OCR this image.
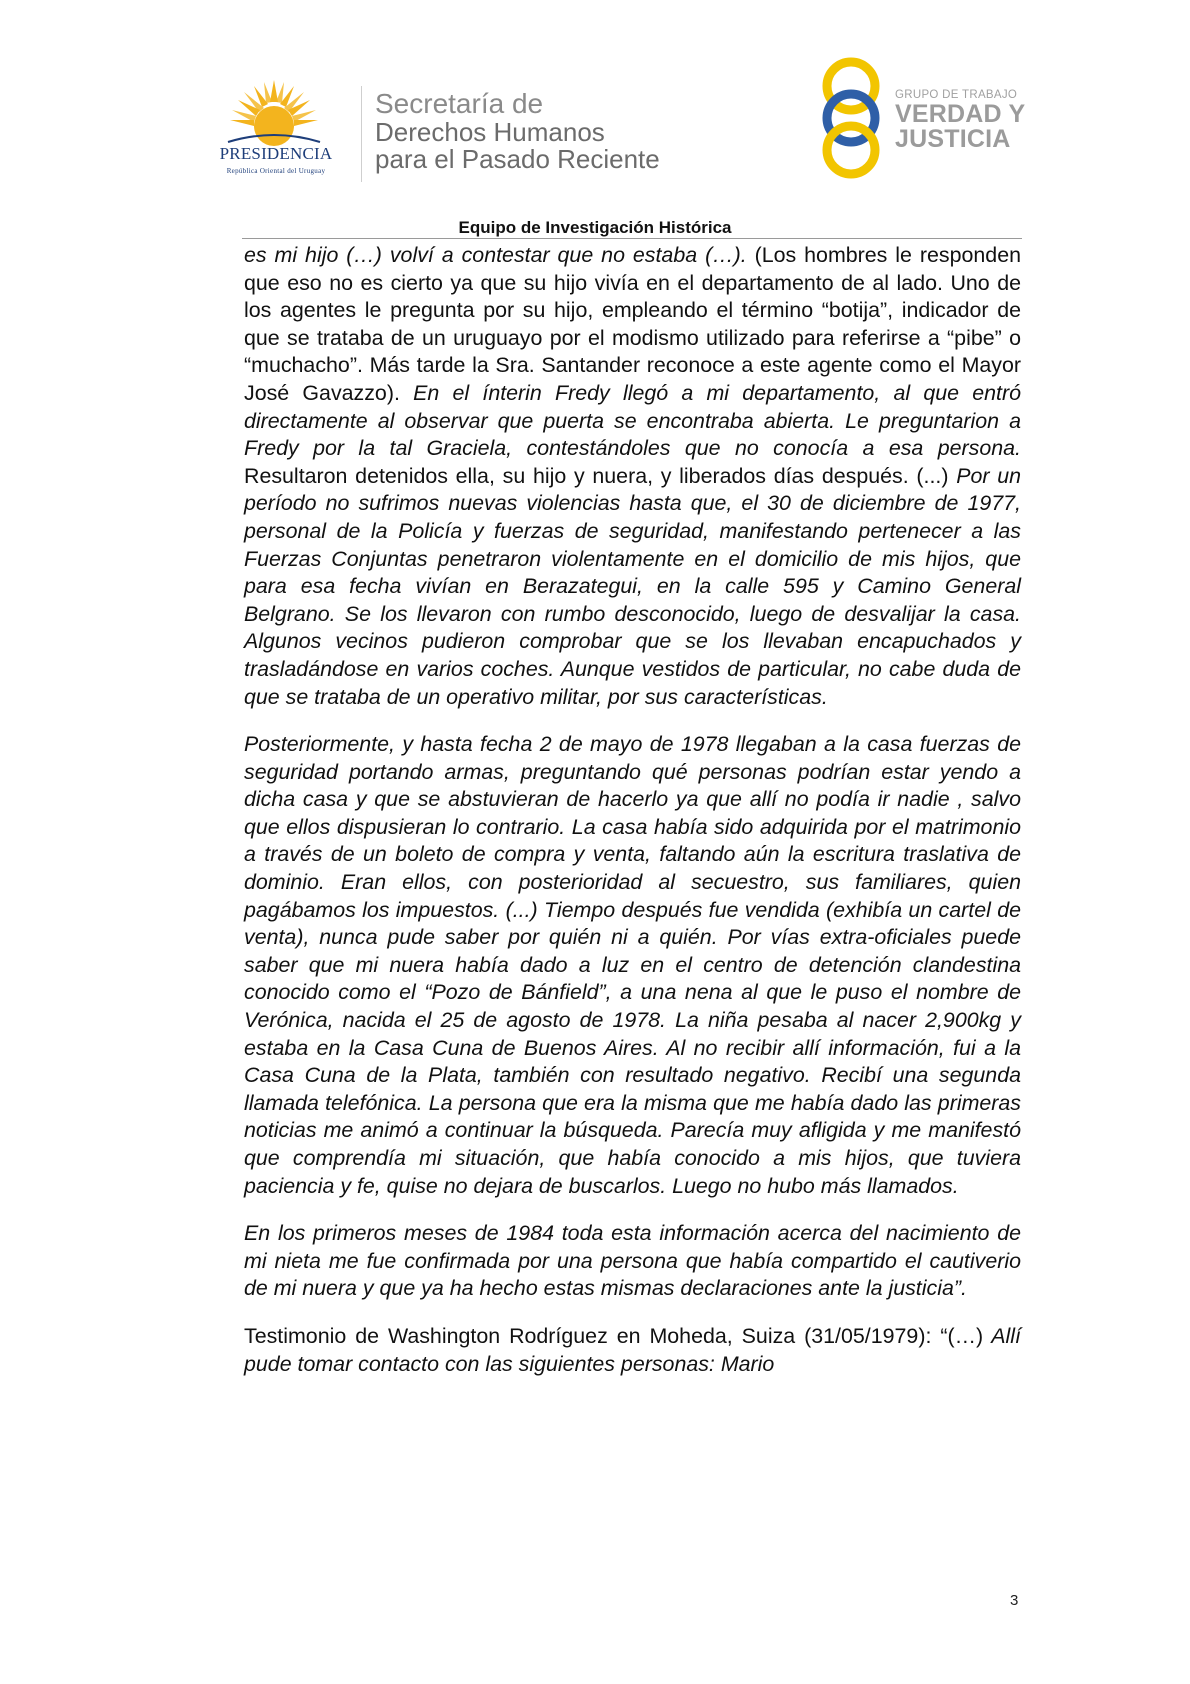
PRESIDENCIA
República Oriental del Uruguay
Secretaría de
Derechos Humanos
para el Pasado Reciente
GRUPO DE TRABAJO
VERDAD Y
JUSTICIA
Equipo de Investigación Histórica

es mi hijo (…) volví a contestar que no estaba (…). (Los hombres le responden que eso no es cierto ya que su hijo vivía en el departamento de al lado. Uno de los agentes le pregunta por su hijo, empleando el término “botija”, indicador de que se trataba de un uruguayo por el modismo utilizado para referirse a “pibe” o “muchacho”. Más tarde la Sra. Santander reconoce a este agente como el Mayor José Gavazzo). En el ínterin Fredy llegó a mi departamento, al que entró directamente al observar que puerta se encontraba abierta. Le preguntarion a Fredy por la tal Graciela, contestándoles que no conocía a esa persona. Resultaron detenidos ella, su hijo y nuera, y liberados días después. (...) Por un período no sufrimos nuevas violencias hasta que, el 30 de diciembre de 1977, personal de la Policía y fuerzas de seguridad, manifestando pertenecer a las Fuerzas Conjuntas penetraron violentamente en el domicilio de mis hijos, que para esa fecha vivían en Berazategui, en la calle 595 y Camino General Belgrano. Se los llevaron con rumbo desconocido, luego de desvalijar la casa. Algunos vecinos pudieron comprobar que se los llevaban encapuchados y trasladándose en varios coches. Aunque vestidos de particular, no cabe duda de que se trataba de un operativo militar, por sus características.

Posteriormente, y hasta fecha 2 de mayo de 1978 llegaban a la casa fuerzas de seguridad portando armas, preguntando qué personas podrían estar yendo a dicha casa y que se abstuvieran de hacerlo ya que allí no podía ir nadie , salvo que ellos dispusieran lo contrario. La casa había sido adquirida por el matrimonio a través de un boleto de compra y venta, faltando aún la escritura traslativa de dominio. Eran ellos, con posterioridad al secuestro, sus familiares, quien pagábamos los impuestos. (...) Tiempo después fue vendida (exhibía un cartel de venta), nunca pude saber por quién ni a quién. Por vías extra-oficiales puede saber que mi nuera había dado a luz en el centro de detención clandestina conocido como el “Pozo de Bánfield”, a una nena al que le puso el nombre de Verónica, nacida el 25 de agosto de 1978. La niña pesaba al nacer 2,900kg y estaba en la Casa Cuna de Buenos Aires. Al no recibir allí información, fui a la Casa Cuna de la Plata, también con resultado negativo. Recibí una segunda llamada telefónica. La persona que era la misma que me había dado las primeras noticias me animó a continuar la búsqueda. Parecía muy afligida y me manifestó que comprendía mi situación, que había conocido a mis hijos, que tuviera paciencia y fe, quise no dejara de buscarlos. Luego no hubo más llamados.

En los primeros meses de 1984 toda esta información acerca del nacimiento de mi nieta me fue confirmada por una persona que había compartido el cautiverio de mi nuera y que ya ha hecho estas mismas declaraciones ante la justicia”.

Testimonio de Washington Rodríguez en Moheda, Suiza (31/05/1979): “(…) Allí pude tomar contacto con las siguientes personas: Mario

3
